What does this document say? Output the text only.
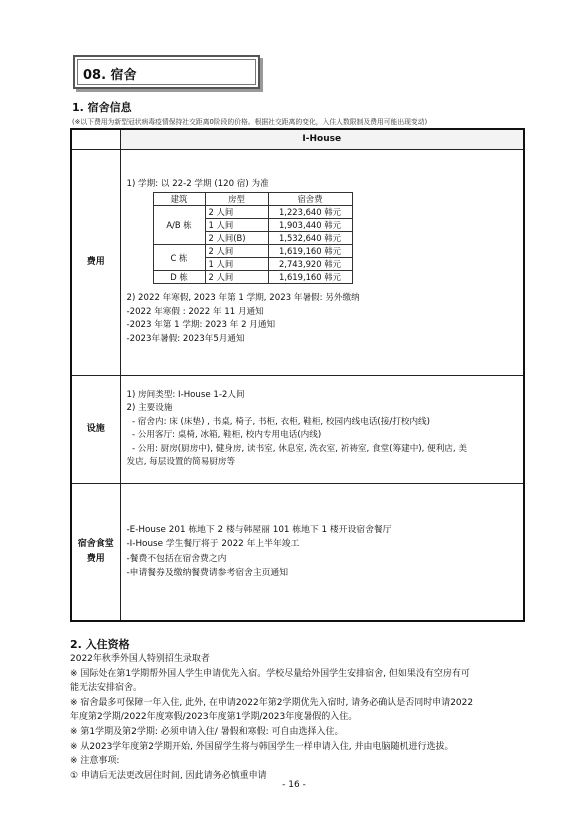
08. 宿舍
1. 宿舍信息
(※以下费用为新型冠状病毒疫情保持社交距离0阶段的价格。根据社交距离的变化，入住人数限制及费用可能出现变动)
	I-House
费用	
1) 学期: 以 22-2 学期 (120 宿) 为准
建筑	房型	宿舍费
A/B 栋	2 人间	1,223,640 韩元
1 人间	1,903,440 韩元
2 人间(B)	1,532,640 韩元
C 栋	2 人间	1,619,160 韩元
1 人间	2,743,920 韩元
D 栋	2 人间	1,619,160 韩元
2) 2022 年寒假, 2023 年第 1 学期, 2023 年暑假: 另外缴纳
-2022 年寒假 : 2022 年 11 月通知
-2023 年第 1 学期: 2023 年 2 月通知
-2023年暑假: 2023年5月通知

设施	
1) 房间类型: I-House 1-2人间
2) 主要设施
- 宿舍内: 床 (床垫) , 书桌, 椅子, 书柜, 衣柜, 鞋柜, 校园内线电话(接/打校内线)
- 公用客厅: 桌椅, 冰箱, 鞋柜, 校内专用电话(内线)
- 公用: 厨房(厨房中), 健身房, 读书室, 休息室, 洗衣室, 祈祷室, 食堂(筹建中), 便利店, 美
发店, 每层设置的简易厨房等

宿舍食堂
费用

-E-House 201 栋地下 2 楼与韩屋丽 101 栋地下 1 楼开设宿舍餐厅
-I-House 学生餐厅将于 2022 年上半年竣工
-餐费不包括在宿舍费之内
-申请餐券及缴纳餐费请参考宿舍主页通知
2. 入住资格
2022年秋季外国人特别招生录取者
※ 国际处在第1学期帮外国人学生申请优先入宿。学校尽量给外国学生安排宿舍, 但如果没有空房有可
能无法安排宿舍。
※ 宿舍最多可保障一年入住, 此外, 在申请2022年第2学期优先入宿时, 请务必确认是否同时申请2022
年度第2学期/2022年度寒假/2023年度第1学期/2023年度暑假的入住。
※ 第1学期及第2学期: 必须申请入住/ 暑假和寒假: 可自由选择入住。
※ 从2023学年度第2学期开始, 外国留学生将与韩国学生一样申请入住, 并由电脑随机进行选拔。
※ 注意事项:
① 申请后无法更改居住时间, 因此请务必慎重申请
- 16 -
